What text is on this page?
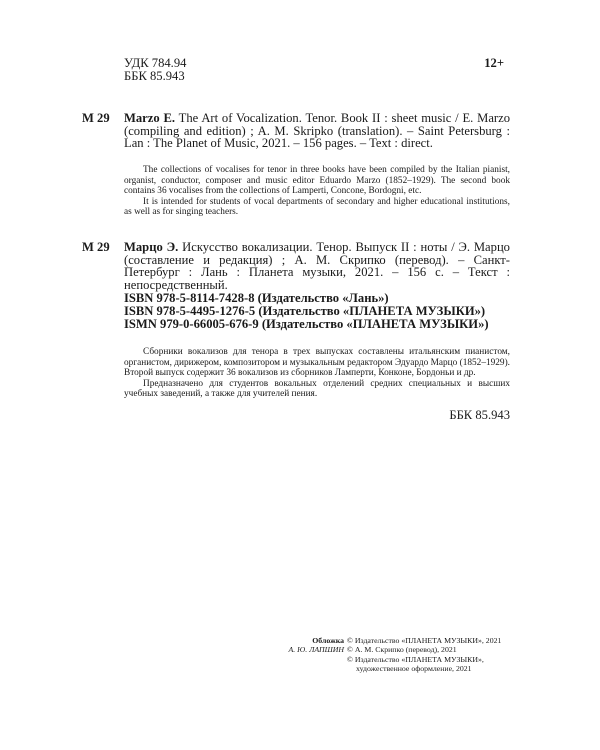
УДК 784.94
ББК 85.943
12+
М 29 Marzo E. The Art of Vocalization. Tenor. Book II : sheet music / E. Marzo (compiling and edition) ; A. M. Skripko (translation). – Saint Petersburg : Lan : The Planet of Music, 2021. – 156 pages. – Text : direct.

The collections of vocalises for tenor in three books have been compiled by the Italian pianist, organist, conductor, composer and music editor Eduardo Marzo (1852–1929). The second book contains 36 vocalises from the collections of Lamperti, Concone, Bordogni, etc.

It is intended for students of vocal departments of secondary and higher educational institutions, as well as for singing teachers.

М 29 Марцо Э. Искусство вокализации. Тенор. Выпуск II : ноты / Э. Марцо (составление и редакция) ; А. М. Скрипко (перевод). – Санкт-Петербург : Лань : Планета музыки, 2021. – 156 с. – Текст : непосредственный.
ISBN 978-5-8114-7428-8 (Издательство «Лань»)
ISBN 978-5-4495-1276-5 (Издательство «ПЛАНЕТА МУЗЫКИ»)
ISMN 979-0-66005-676-9 (Издательство «ПЛАНЕТА МУЗЫКИ»)

Сборники вокализов для тенора в трех выпусках составлены итальянским пианистом, органистом, дирижером, композитором и музыкальным редактором Эдуардо Марцо (1852–1929). Второй выпуск содержит 36 вокализов из сборников Ламперти, Конконе, Бордоньи и др.

Предназначено для студентов вокальных отделений средних специальных и высших учебных заведений, а также для учителей пения.

ББК 85.943
Обложка
А. Ю. ЛАПШИН
© Издательство «ПЛАНЕТА МУЗЫКИ», 2021
© А. М. Скрипко (перевод), 2021
© Издательство «ПЛАНЕТА МУЗЫКИ»,
художественное оформление, 2021
